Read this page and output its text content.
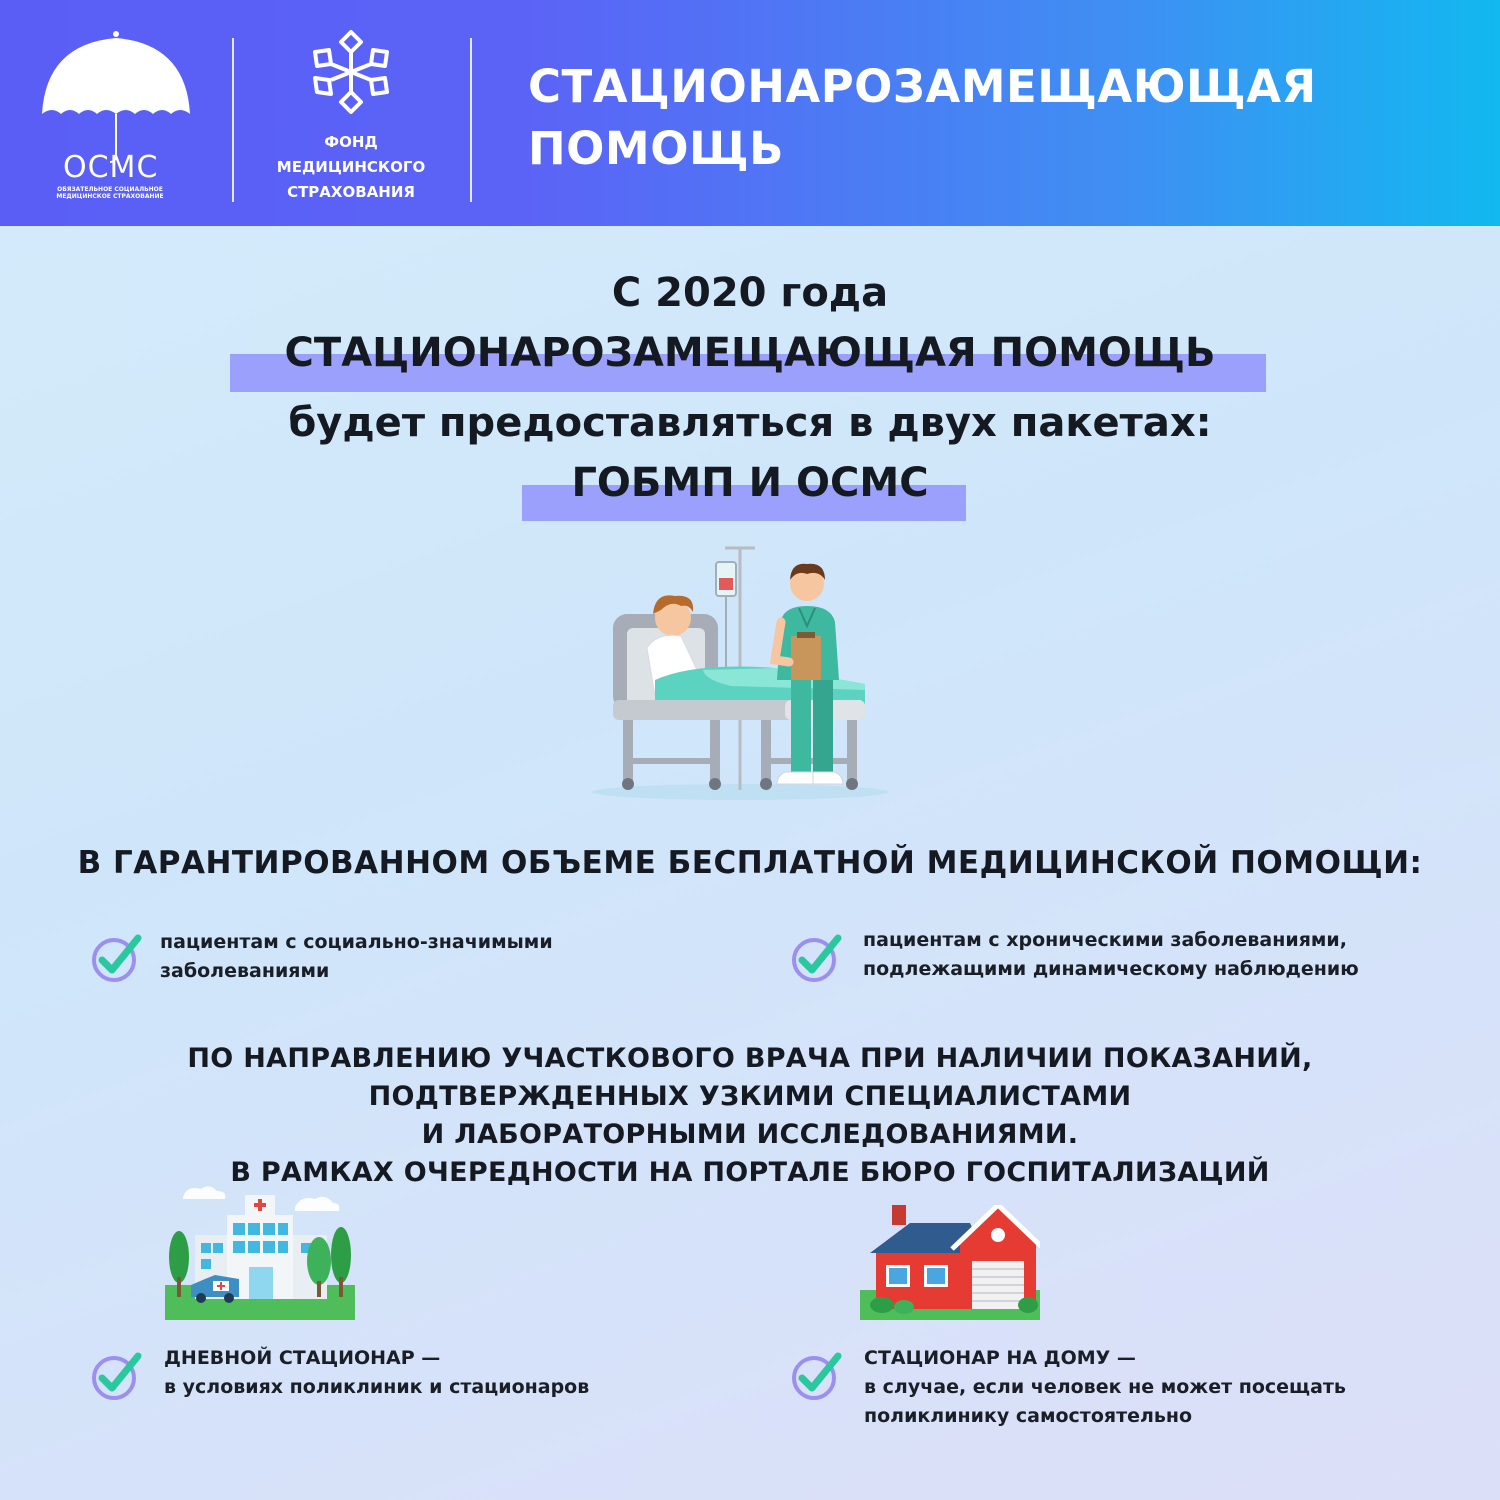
ОСМС
ОБЯЗАТЕЛЬНОЕ СОЦИАЛЬНОЕ МЕДИЦИНСКОЕ СТРАХОВАНИЕ
ФОНД
МЕДИЦИНСКОГО
СТРАХОВАНИЯ
СТАЦИОНАРОЗАМЕЩАЮЩАЯ
ПОМОЩЬ
С 2020 года
СТАЦИОНАРОЗАМЕЩАЮЩАЯ ПОМОЩЬ
будет предоставляться в двух пакетах:
ГОБМП И ОСМС
В ГАРАНТИРОВАННОМ ОБЪЕМЕ БЕСПЛАТНОЙ МЕДИЦИНСКОЙ ПОМОЩИ:
пациентам с социально-значимыми
заболеваниями
пациентам с хроническими заболеваниями,
подлежащими динамическому наблюдению
ПО НАПРАВЛЕНИЮ УЧАСТКОВОГО ВРАЧА ПРИ НАЛИЧИИ ПОКАЗАНИЙ,
ПОДТВЕРЖДЕННЫХ УЗКИМИ СПЕЦИАЛИСТАМИ
И ЛАБОРАТОРНЫМИ ИССЛЕДОВАНИЯМИ.
В РАМКАХ ОЧЕРЕДНОСТИ НА ПОРТАЛЕ БЮРО ГОСПИТАЛИЗАЦИЙ
ДНЕВНОЙ СТАЦИОНАР —
в условиях поликлиник и стационаров
СТАЦИОНАР НА ДОМУ —
в случае, если человек не может посещать
поликлинику самостоятельно
